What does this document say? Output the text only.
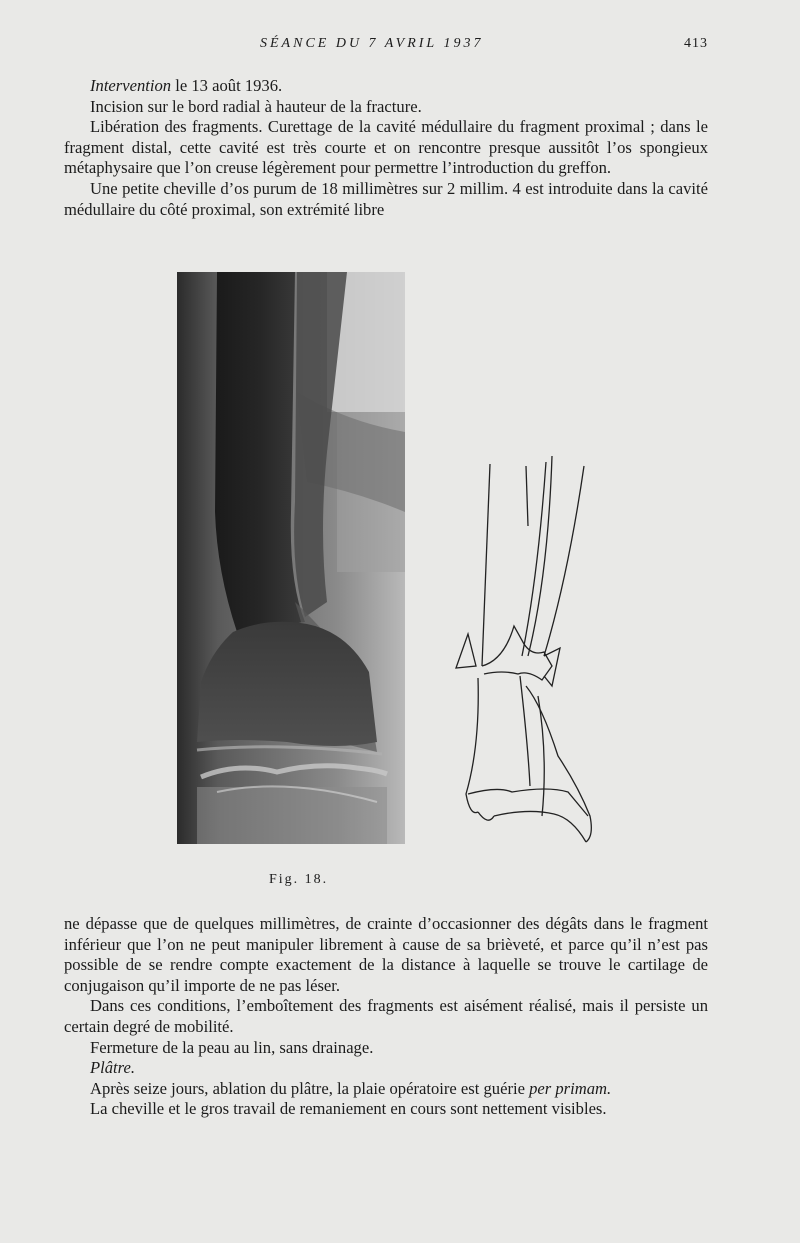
SÉANCE DU 7 AVRIL 1937	413

Intervention le 13 août 1936.

Incision sur le bord radial à hauteur de la fracture.

Libération des fragments. Curettage de la cavité médullaire du fragment proximal ; dans le fragment distal, cette cavité est très courte et on rencontre presque aussitôt l’os spongieux métaphysaire que l’on creuse légèrement pour permettre l’introduction du greffon.

Une petite cheville d’os purum de 18 millimètres sur 2 millim. 4 est introduite dans la cavité médullaire du côté proximal, son extrémité libre

Fig. 18.

ne dépasse que de quelques millimètres, de crainte d’occasionner des dégâts dans le fragment inférieur que l’on ne peut manipuler librement à cause de sa brièveté, et parce qu’il n’est pas possible de se rendre compte exactement de la distance à laquelle se trouve le cartilage de conjugaison qu’il importe de ne pas léser.

Dans ces conditions, l’emboîtement des fragments est aisément réalisé, mais il persiste un certain degré de mobilité.

Fermeture de la peau au lin, sans drainage.

Plâtre.

Après seize jours, ablation du plâtre, la plaie opératoire est guérie per primam.

La cheville et le gros travail de remaniement en cours sont nettement visibles.
